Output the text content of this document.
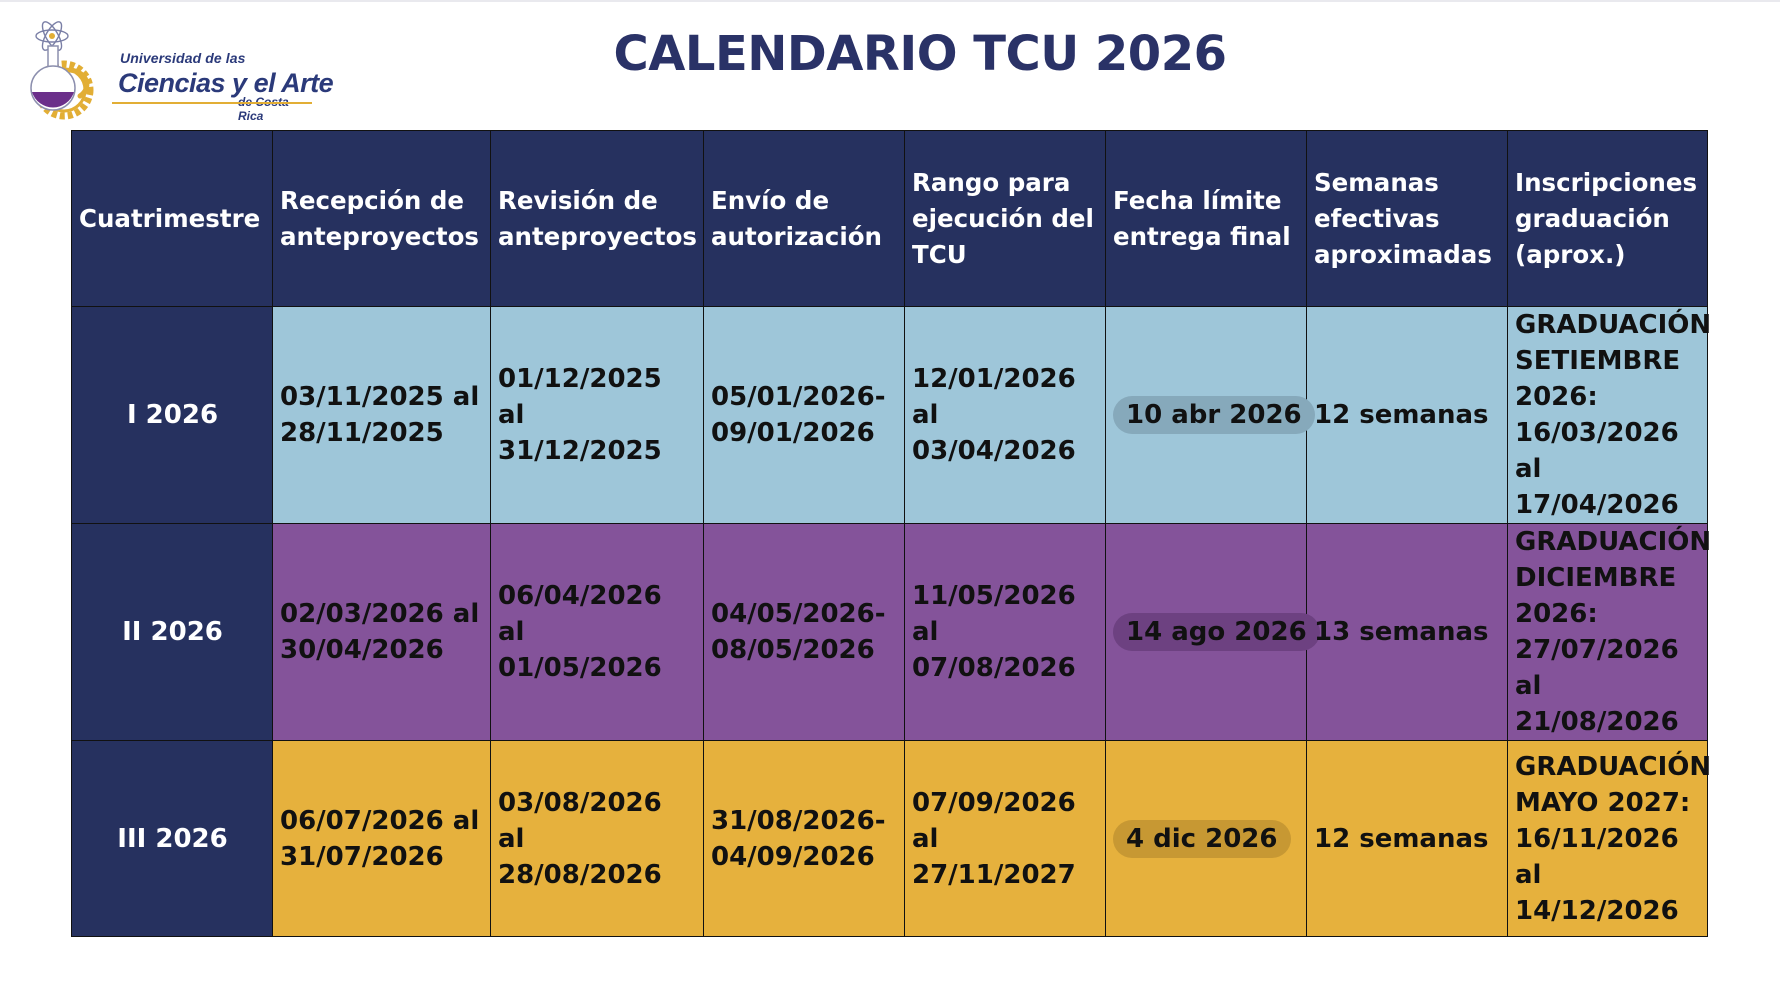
Universidad de las
Ciencias y el Arte
Rica
CALENDARIO TCU 2026
Cuatrimestre	Recepción de anteproyectos	Revisión de anteproyectos	Envío de autorización	Rango para ejecución del TCU	Fecha límite entrega final	Semanas efectivas aproximadas	Inscripciones graduación (aprox.)
I 2026	03/11/2025 al 28/11/2025	01/12/2025 al 31/12/2025	05/01/2026-09/01/2026	12/01/2026 al 03/04/2026	10 abr 2026	12 semanas	GRADUACIÓN SETIEMBRE 2026: 16/03/2026 al 17/04/2026
II 2026	02/03/2026 al 30/04/2026	06/04/2026 al 01/05/2026	04/05/2026-08/05/2026	11/05/2026 al 07/08/2026	14 ago 2026	13 semanas	GRADUACIÓN DICIEMBRE 2026: 27/07/2026 al 21/08/2026
III 2026	06/07/2026 al 31/07/2026	03/08/2026 al 28/08/2026	31/08/2026-04/09/2026	07/09/2026 al 27/11/2027	4 dic 2026	12 semanas	GRADUACIÓN MAYO 2027: 16/11/2026 al 14/12/2026
